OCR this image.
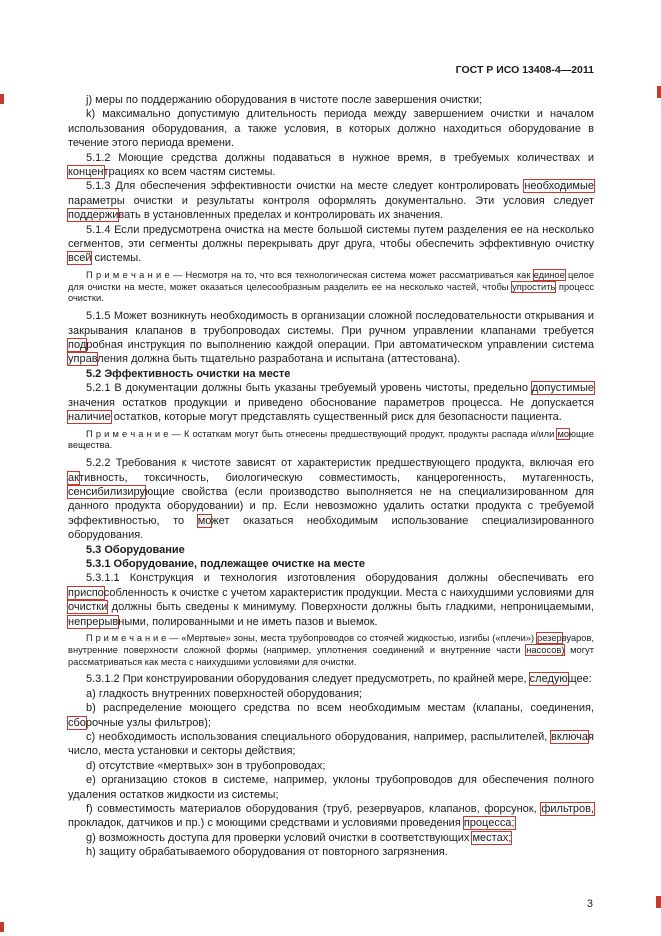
ГОСТ Р ИСО 13408-4—2011

j) меры по поддержанию оборудования в чистоте после завершения очистки;

k) максимально допустимую длительность периода между завершением очистки и началом использования оборудования, а также условия, в которых должно находиться оборудование в течение этого периода времени.

5.1.2 Моющие средства должны подаваться в нужное время, в требуемых количествах и концентрациях ко всем частям системы.

5.1.3 Для обеспечения эффективности очистки на месте следует контролировать необходимые параметры очистки и результаты контроля оформлять документально. Эти условия следует поддерживать в установленных пределах и контролировать их значения.

5.1.4 Если предусмотрена очистка на месте большой системы путем разделения ее на несколько сегментов, эти сегменты должны перекрывать друг друга, чтобы обеспечить эффективную очистку всей системы.

П р и м е ч а н и е — Несмотря на то, что вся технологическая система может рассматриваться как единое целое для очистки на месте, может оказаться целесообразным разделить ее на несколько частей, чтобы упростить процесс очистки.

5.1.5 Может возникнуть необходимость в организации сложной последовательности открывания и закрывания клапанов в трубопроводах системы. При ручном управлении клапанами требуется подробная инструкция по выполнению каждой операции. При автоматическом управлении система управления должна быть тщательно разработана и испытана (аттестована).

5.2 Эффективность очистки на месте

5.2.1 В документации должны быть указаны требуемый уровень чистоты, предельно допустимые значения остатков продукции и приведено обоснование параметров процесса. Не допускается наличие остатков, которые могут представлять существенный риск для безопасности пациента.

П р и м е ч а н и е — К остаткам могут быть отнесены предшествующий продукт, продукты распада и/или моющие вещества.

5.2.2 Требования к чистоте зависят от характеристик предшествующего продукта, включая его активность, токсичность, биологическую совместимость, канцерогенность, мутагенность, сенсибилизирующие свойства (если производство выполняется не на специализированном для данного продукта оборудовании) и пр. Если невозможно удалить остатки продукта с требуемой эффективностью, то может оказаться необходимым использование специализированного оборудования.

5.3 Оборудование

5.3.1 Оборудование, подлежащее очистке на месте

5.3.1.1 Конструкция и технология изготовления оборудования должны обеспечивать его приспособленность к очистке с учетом характеристик продукции. Места с наихудшими условиями для очистки должны быть сведены к минимуму. Поверхности должны быть гладкими, непроницаемыми, непрерывными, полированными и не иметь пазов и выемок.

П р и м е ч а н и е — «Мертвые» зоны, места трубопроводов со стоячей жидкостью, изгибы («плечи») резервуаров, внутренние поверхности сложной формы (например, уплотнения соединений и внутренние части насосов) могут рассматриваться как места с наихудшими условиями для очистки.

5.3.1.2 При конструировании оборудования следует предусмотреть, по крайней мере, следующее:

a) гладкость внутренних поверхностей оборудования;

b) распределение моющего средства по всем необходимым местам (клапаны, соединения, сборочные узлы фильтров);

c) необходимость использования специального оборудования, например, распылителей, включая число, места установки и секторы действия;

d) отсутствие «мертвых» зон в трубопроводах;

e) организацию стоков в системе, например, уклоны трубопроводов для обеспечения полного удаления остатков жидкости из системы;

f) совместимость материалов оборудования (труб, резервуаров, клапанов, форсунок, фильтров, прокладок, датчиков и пр.) с моющими средствами и условиями проведения процесса;

g) возможность доступа для проверки условий очистки в соответствующих местах;

h) защиту обрабатываемого оборудования от повторного загрязнения.

3
